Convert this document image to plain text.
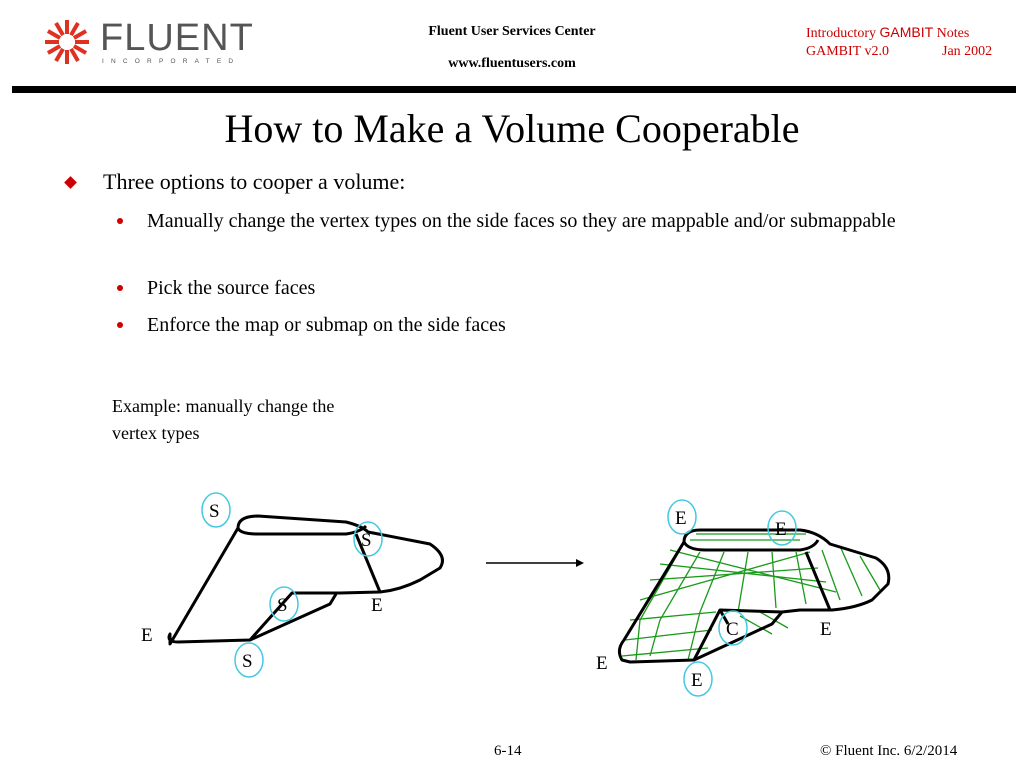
FLUENT
INCORPORATED
Fluent User Services Center
www.fluentusers.com
Introductory GAMBIT Notes
GAMBIT v2.0	Jan 2002
How to Make a Volume Cooperable
Three options to cooper a volume:
Manually change the vertex types on the side faces so they are mappable and/or submappable
Pick the source faces
Enforce the map or submap on the side faces
Example: manually change the
vertex types
S
S
S	E
E
S
E
E
C	E
E
E
6-14	© Fluent Inc. 6/2/2014
